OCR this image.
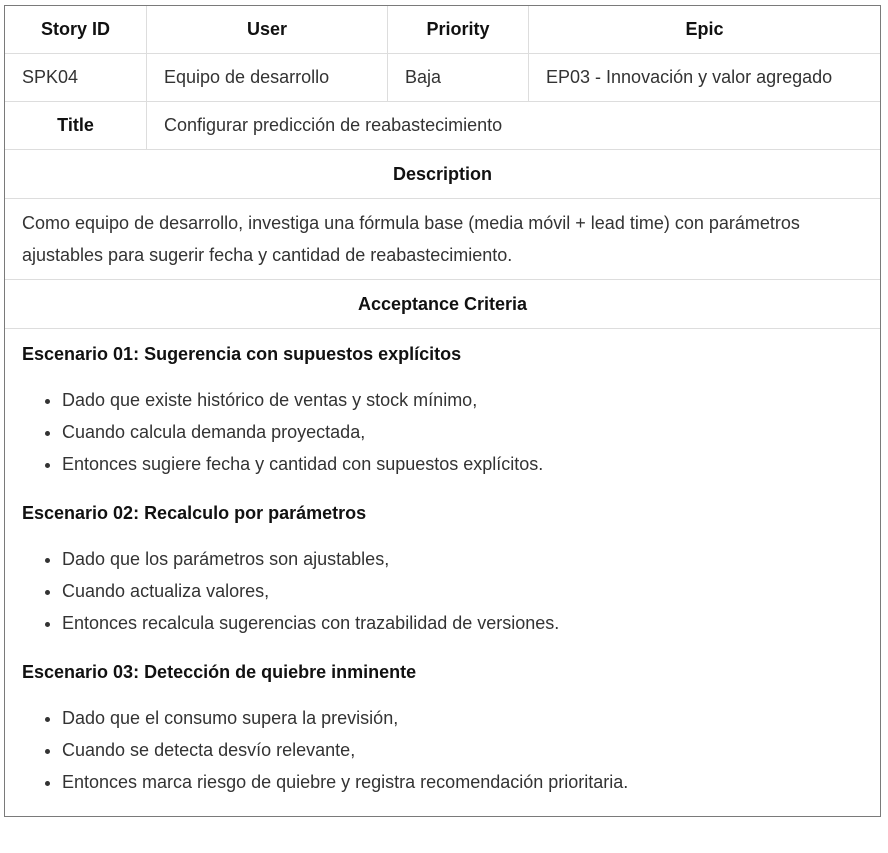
Story ID	User	Priority	Epic
SPK04	Equipo de desarrollo	Baja	EP03 - Innovación y valor agregado
Title	Configurar predicción de reabastecimiento
Description
Como equipo de desarrollo, investiga una fórmula base (media móvil + lead time) con parámetros ajustables para sugerir fecha y cantidad de reabastecimiento.
Acceptance Criteria
Escenario 01: Sugerencia con supuestos explícitos
• Dado que existe histórico de ventas y stock mínimo,
• Cuando calcula demanda proyectada,
• Entonces sugiere fecha y cantidad con supuestos explícitos.
Escenario 02: Recalculo por parámetros
• Dado que los parámetros son ajustables,
• Cuando actualiza valores,
• Entonces recalcula sugerencias con trazabilidad de versiones.
Escenario 03: Detección de quiebre inminente
• Dado que el consumo supera la previsión,
• Cuando se detecta desvío relevante,
• Entonces marca riesgo de quiebre y registra recomendación prioritaria.
